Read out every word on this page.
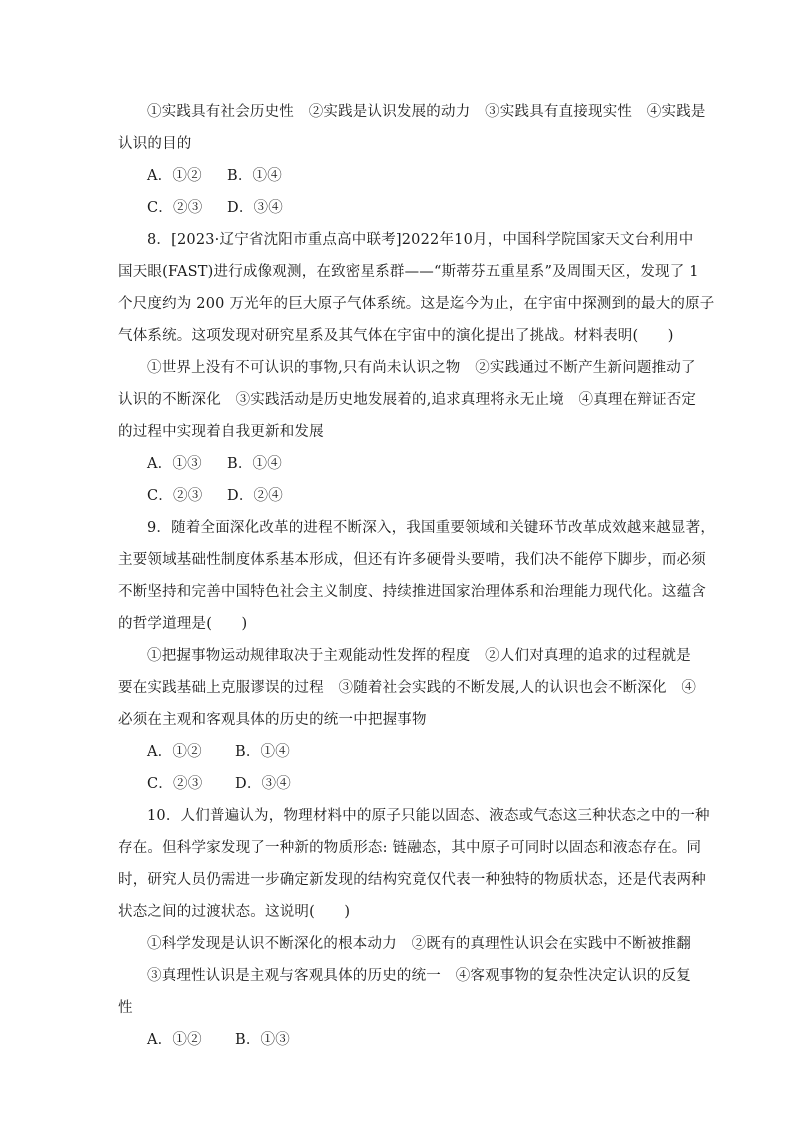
①实践具有社会历史性　②实践是认识发展的动力　③实践具有直接现实性　④实践是
认识的目的
A．①② B．①④
C．②③ D．③④
8．[2023·辽宁省沈阳市重点高中联考]2022年10月，中国科学院国家天文台利用中
国天眼(FAST)进行成像观测，在致密星系群——“斯蒂芬五重星系”及周围天区，发现了 1
个尺度约为 200 万光年的巨大原子气体系统。这是迄今为止，在宇宙中探测到的最大的原子
气体系统。这项发现对研究星系及其气体在宇宙中的演化提出了挑战。材料表明(　　)
①世界上没有不可认识的事物,只有尚未认识之物　②实践通过不断产生新问题推动了
认识的不断深化　③实践活动是历史地发展着的,追求真理将永无止境　④真理在辩证否定
的过程中实现着自我更新和发展
A．①③ B．①④
C．②③ D．②④
9．随着全面深化改革的进程不断深入，我国重要领域和关键环节改革成效越来越显著，
主要领域基础性制度体系基本形成，但还有许多硬骨头要啃，我们决不能停下脚步，而必须
不断坚持和完善中国特色社会主义制度、持续推进国家治理体系和治理能力现代化。这蕴含
的哲学道理是(　　)
①把握事物运动规律取决于主观能动性发挥的程度　②人们对真理的追求的过程就是
要在实践基础上克服谬误的过程　③随着社会实践的不断发展,人的认识也会不断深化　④
必须在主观和客观具体的历史的统一中把握事物
A．①② B．①④
C．②③ D．③④
10．人们普遍认为，物理材料中的原子只能以固态、液态或气态这三种状态之中的一种
存在。但科学家发现了一种新的物质形态: 链融态，其中原子可同时以固态和液态存在。同
时，研究人员仍需进一步确定新发现的结构究竟仅代表一种独特的物质状态，还是代表两种
状态之间的过渡状态。这说明(　　)
①科学发现是认识不断深化的根本动力　②既有的真理性认识会在实践中不断被推翻
③真理性认识是主观与客观具体的历史的统一　④客观事物的复杂性决定认识的反复
性
A．①② B．①③
